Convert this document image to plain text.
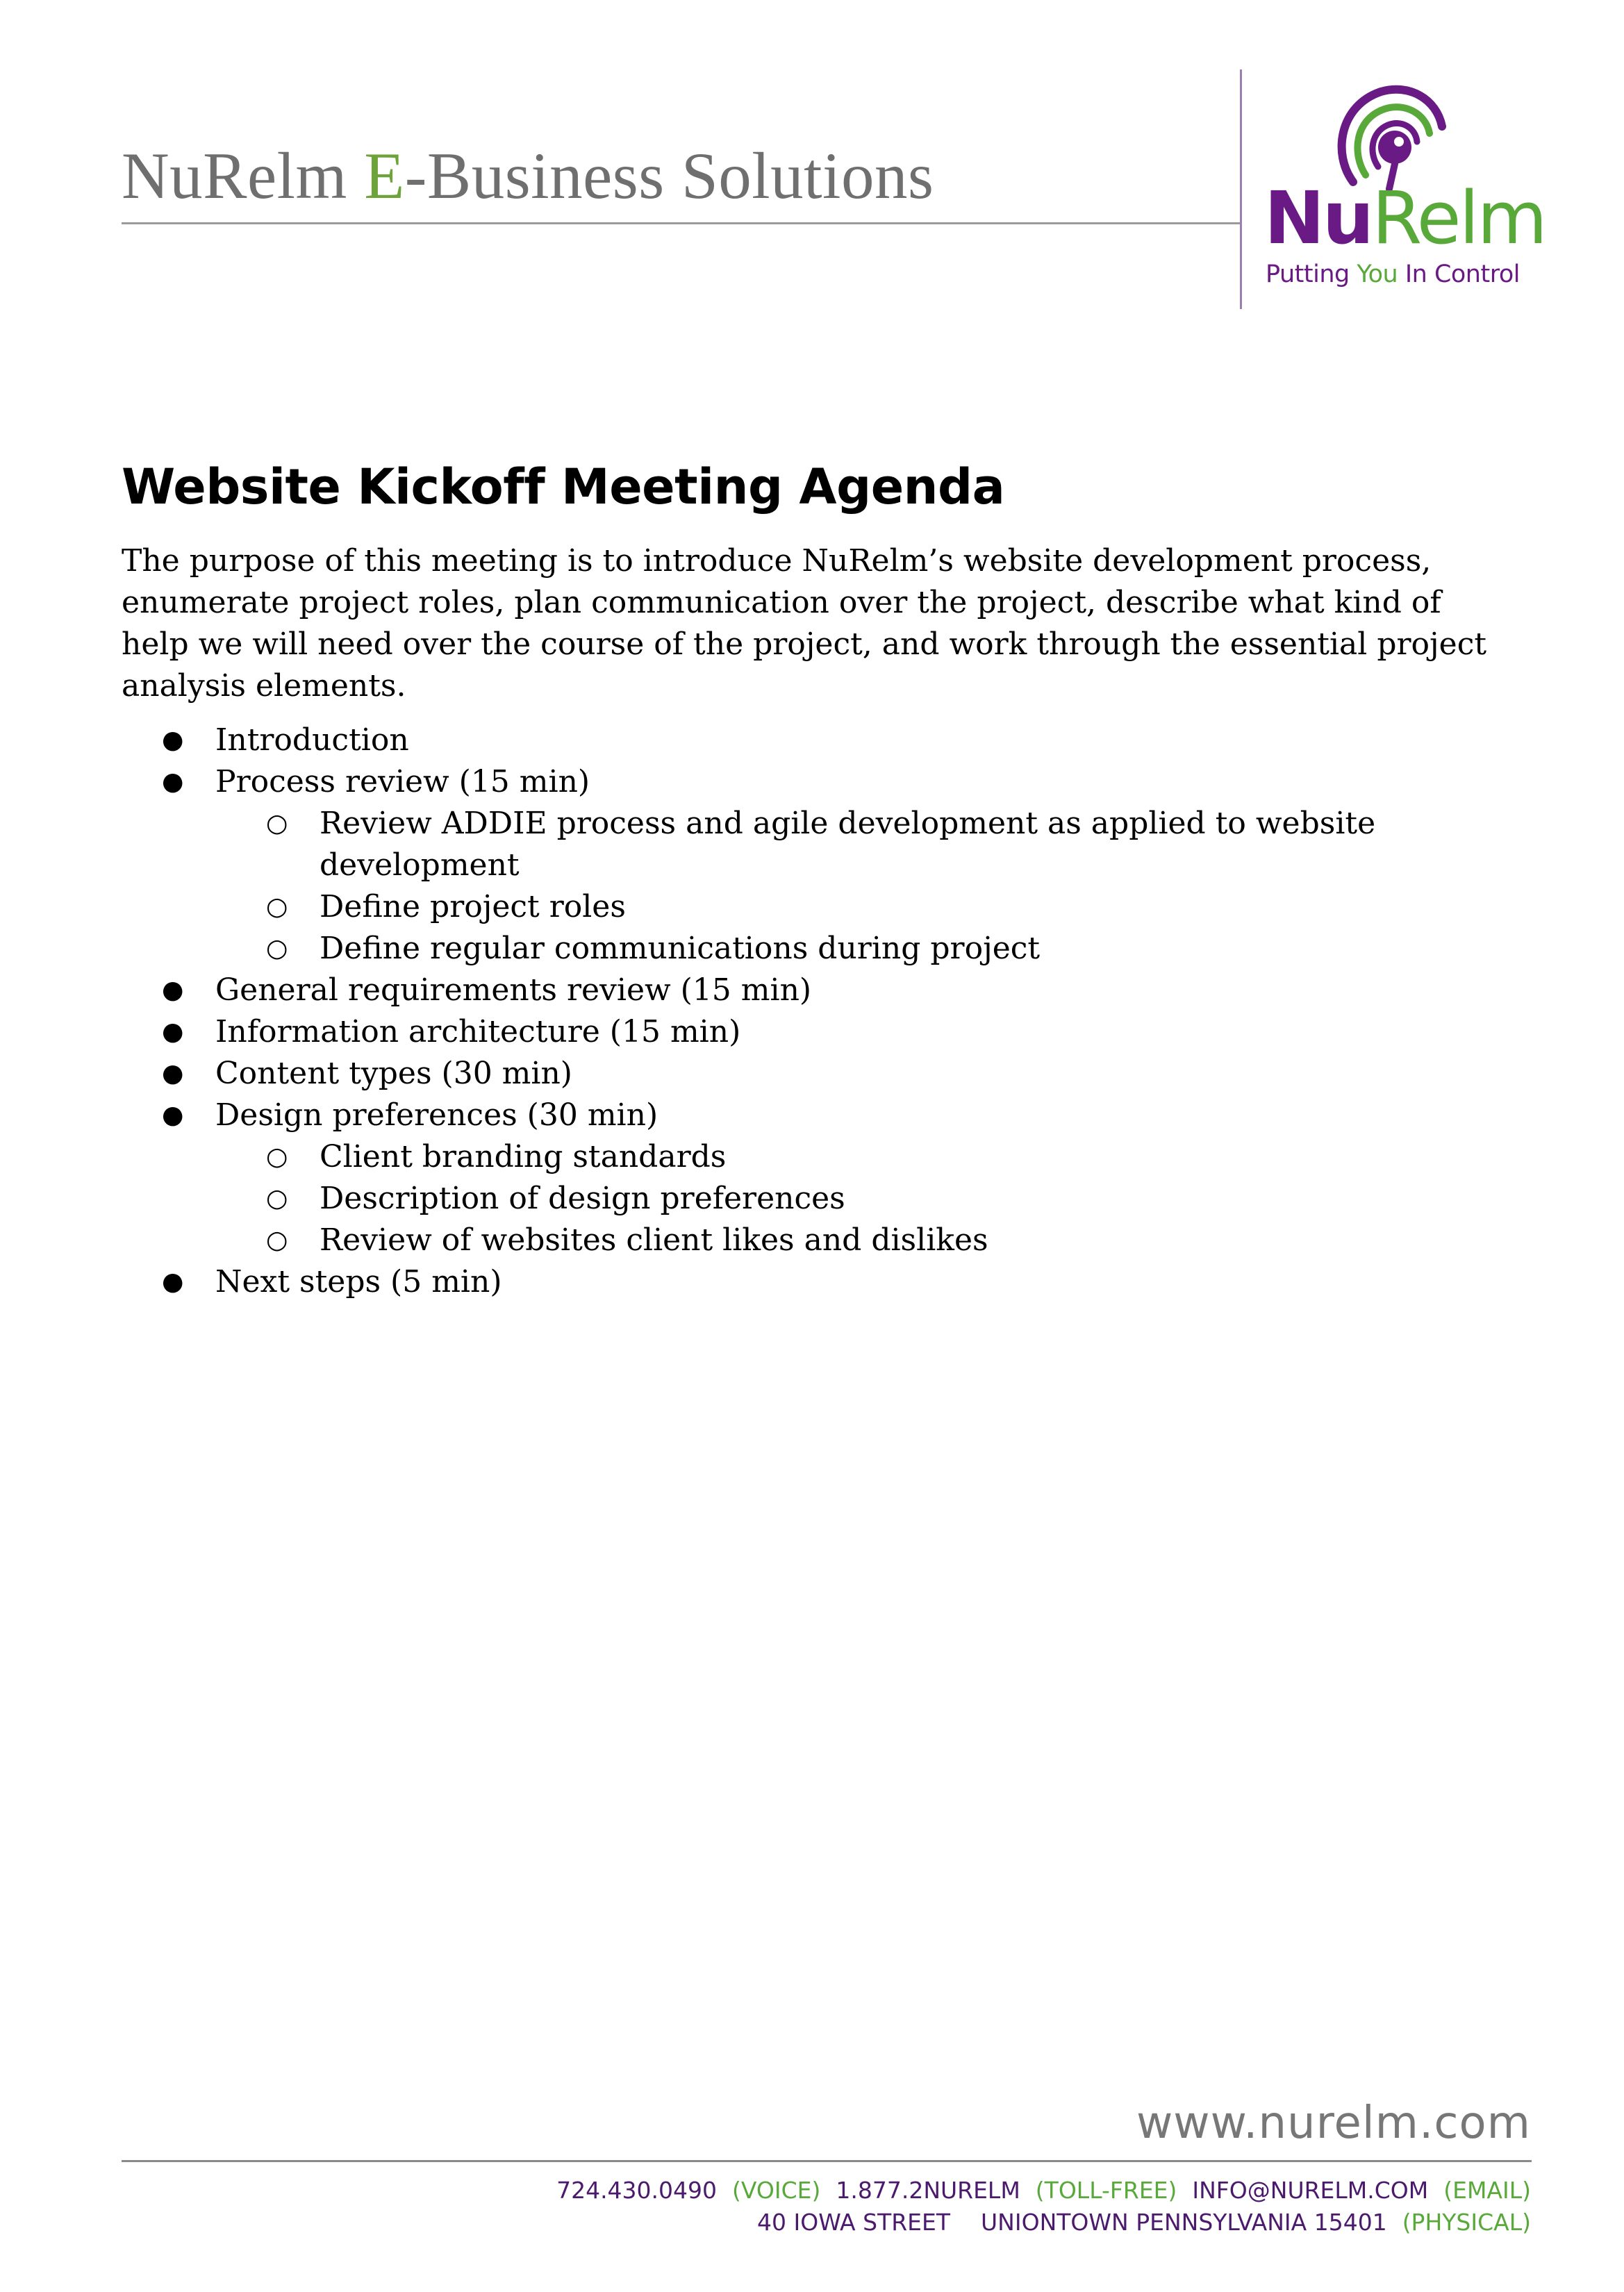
NuRelm E-Business Solutions	NuRelm
Putting You In Control
Website Kickoff Meeting Agenda
The purpose of this meeting is to introduce NuRelm’s website development process, enumerate project roles, plan communication over the project, describe what kind of help we will need over the course of the project, and work through the essential project analysis elements.
● Introduction
● Process review (15 min)
○ Review ADDIE process and agile development as applied to website development
○ Define project roles
○ Define regular communications during project
● General requirements review (15 min)
● Information architecture (15 min)
● Content types (30 min)
● Design preferences (30 min)
○ Client branding standards
○ Description of design preferences
○ Review of websites client likes and dislikes
● Next steps (5 min)
www.nurelm.com
724.430.0490 (VOICE) 1.877.2NURELM (TOLL-FREE) INFO@NURELM.COM (EMAIL)
40 IOWA STREET UNIONTOWN PENNSYLVANIA 15401 (PHYSICAL)
